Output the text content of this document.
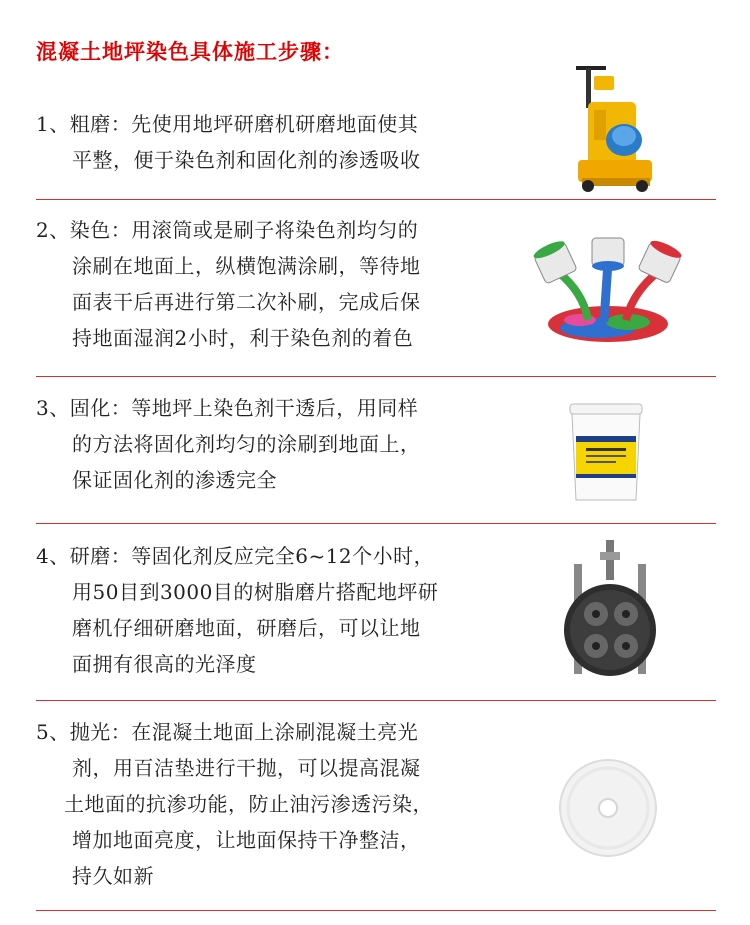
混凝土地坪染色具体施工步骤：
1、粗磨：先使用地坪研磨机研磨地面使其
平整，便于染色剂和固化剂的渗透吸收
2、染色：用滚筒或是刷子将染色剂均匀的
涂刷在地面上，纵横饱满涂刷，等待地
面表干后再进行第二次补刷，完成后保
持地面湿润2小时，利于染色剂的着色
3、固化：等地坪上染色剂干透后，用同样
的方法将固化剂均匀的涂刷到地面上，
保证固化剂的渗透完全
4、研磨：等固化剂反应完全6~12个小时，
用50目到3000目的树脂磨片搭配地坪研
磨机仔细研磨地面，研磨后，可以让地
面拥有很高的光泽度
5、抛光：在混凝土地面上涂刷混凝土亮光
剂，用百洁垫进行干抛，可以提高混凝
土地面的抗渗功能，防止油污渗透污染，
增加地面亮度，让地面保持干净整洁，
持久如新
